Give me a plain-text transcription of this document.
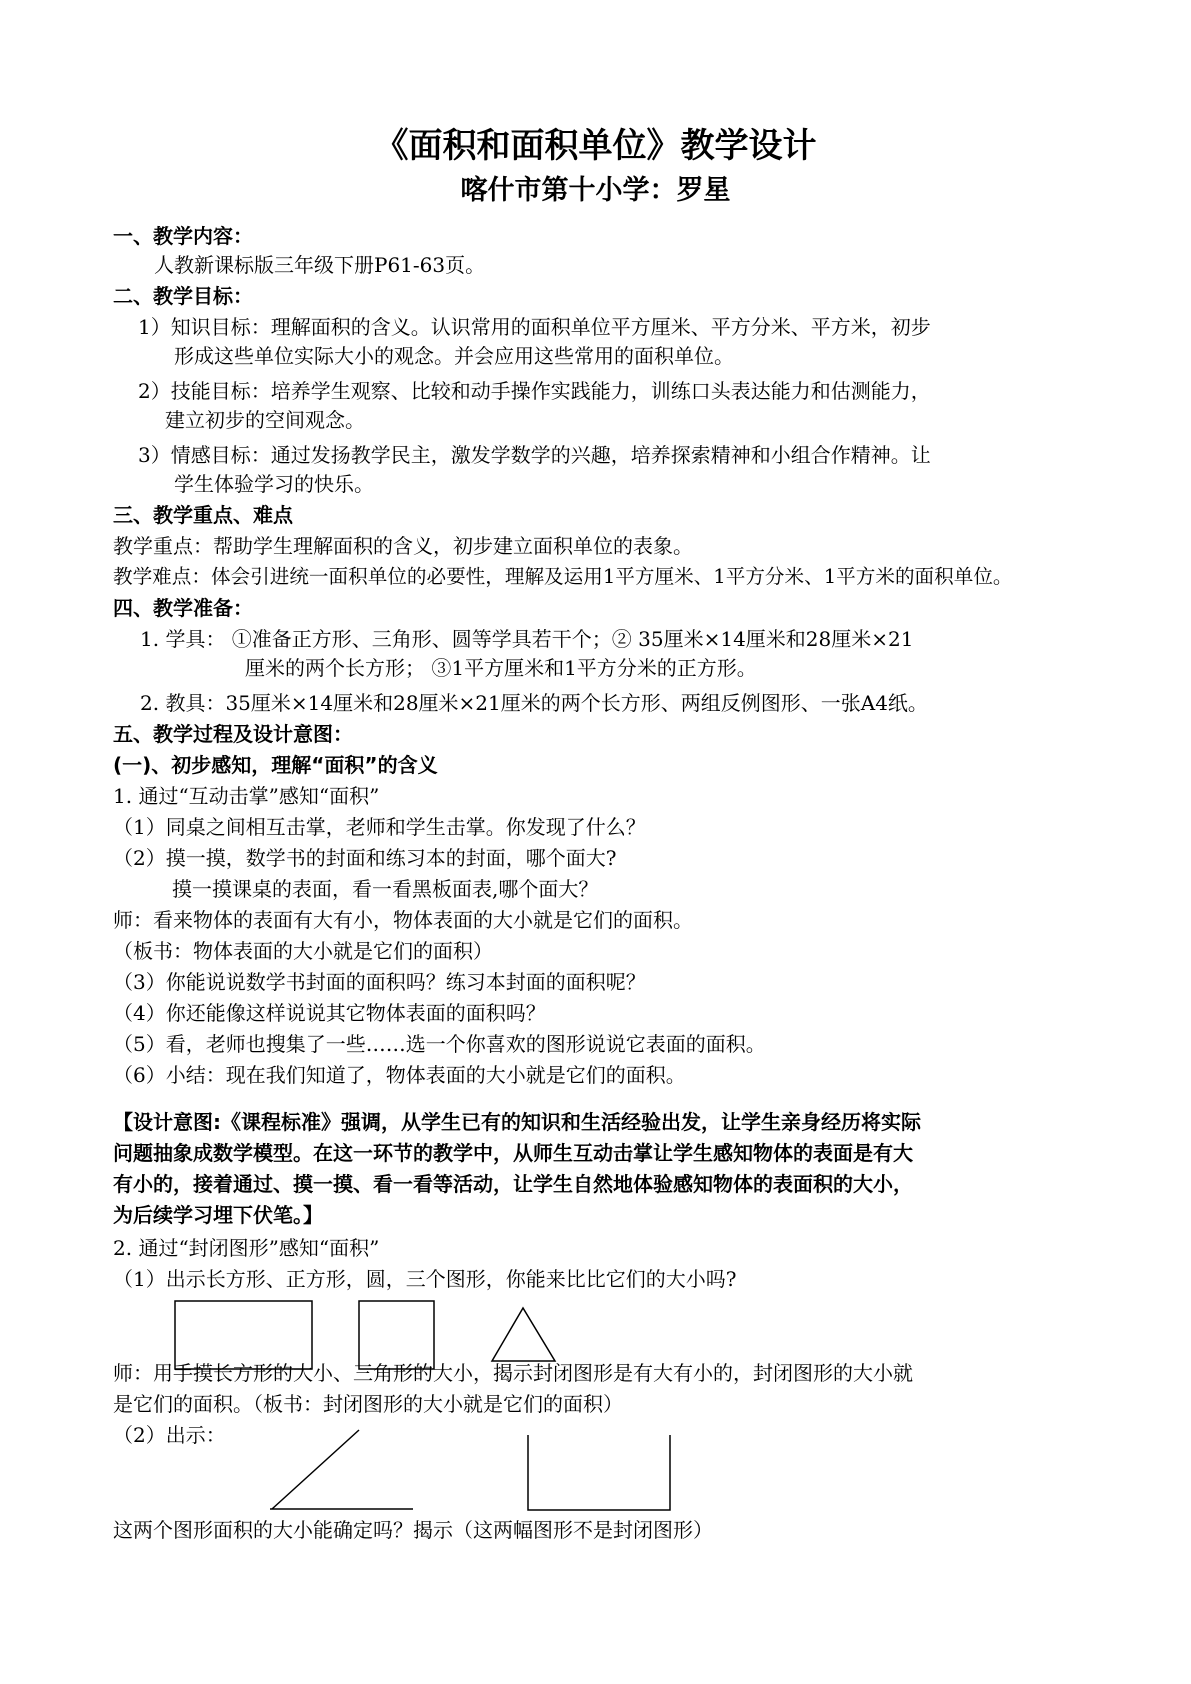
《面积和面积单位》教学设计
喀什市第十小学：罗星
一、教学内容：
人教新课标版三年级下册P61-63页。
二、教学目标：
1）知识目标：理解面积的含义。认识常用的面积单位平方厘米、平方分米、平方米，初步
形成这些单位实际大小的观念。并会应用这些常用的面积单位。
2）技能目标：培养学生观察、比较和动手操作实践能力，训练口头表达能力和估测能力，
建立初步的空间观念。
3）情感目标：通过发扬教学民主，激发学数学的兴趣，培养探索精神和小组合作精神。让
学生体验学习的快乐。
三、教学重点、难点
教学重点：帮助学生理解面积的含义，初步建立面积单位的表象。
教学难点：体会引进统一面积单位的必要性，理解及运用1平方厘米、1平方分米、1平方米的面积单位。
四、教学准备：
1. 学具： ①准备正方形、三角形、圆等学具若干个；② 35厘米×14厘米和28厘米×21
厘米的两个长方形； ③1平方厘米和1平方分米的正方形。
2. 教具：35厘米×14厘米和28厘米×21厘米的两个长方形、两组反例图形、一张A4纸。
五、教学过程及设计意图：
(一)、初步感知，理解“面积”的含义
1. 通过“互动击掌”感知“面积”
（1）同桌之间相互击掌，老师和学生击掌。你发现了什么？
（2）摸一摸，数学书的封面和练习本的封面，哪个面大?
摸一摸课桌的表面，看一看黑板面表,哪个面大？
师：看来物体的表面有大有小，物体表面的大小就是它们的面积。
（板书：物体表面的大小就是它们的面积）
（3）你能说说数学书封面的面积吗？练习本封面的面积呢？
（4）你还能像这样说说其它物体表面的面积吗？
（5）看，老师也搜集了一些……选一个你喜欢的图形说说它表面的面积。
（6）小结：现在我们知道了，物体表面的大小就是它们的面积。
【设计意图:《课程标准》强调，从学生已有的知识和生活经验出发，让学生亲身经历将实际
问题抽象成数学模型。在这一环节的教学中，从师生互动击掌让学生感知物体的表面是有大
有小的，接着通过、摸一摸、看一看等活动，让学生自然地体验感知物体的表面积的大小，
为后续学习埋下伏笔。】
2. 通过“封闭图形”感知“面积”
（1）出示长方形、正方形，圆，三个图形，你能来比比它们的大小吗?
师：用手摸长方形的大小、三角形的大小，揭示封闭图形是有大有小的，封闭图形的大小就
是它们的面积。（板书：封闭图形的大小就是它们的面积）
（2）出示：
这两个图形面积的大小能确定吗？揭示（这两幅图形不是封闭图形）
